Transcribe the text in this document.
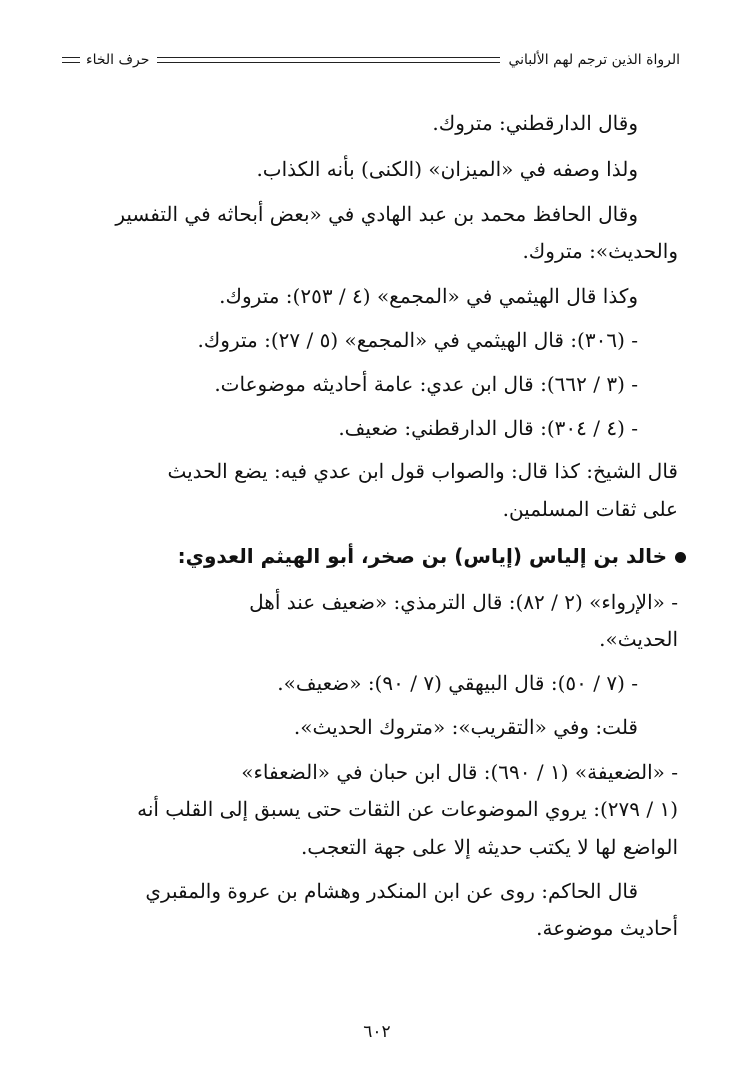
الرواة الذين ترجم لهم الألباني
حرف الخاء
وقال الدارقطني: متروك.
ولذا وصفه في «الميزان» (الكنى) بأنه الكذاب.
وقال الحافظ محمد بن عبد الهادي في «بعض أبحاثه في التفسير
والحديث»: متروك.
وكذا قال الهيثمي في «المجمع» (٤ / ٢٥٣): متروك.
- (٣٠٦): قال الهيثمي في «المجمع» (٥ / ٢٧): متروك.
- (٣ / ٦٦٢): قال ابن عدي: عامة أحاديثه موضوعات.
- (٤ / ٣٠٤): قال الدارقطني: ضعيف.
قال الشيخ: كذا قال: والصواب قول ابن عدي فيه: يضع الحديث
على ثقات المسلمين.
خالد بن إلياس (إياس) بن صخر، أبو الهيثم العدوي:
- «الإرواء» (٢ / ٨٢): قال الترمذي: «ضعيف عند أهل
الحديث».
- (٧ / ٥٠): قال البيهقي (٧ / ٩٠): «ضعيف».
قلت: وفي «التقريب»: «متروك الحديث».
- «الضعيفة» (١ / ٦٩٠): قال ابن حبان في «الضعفاء»
(١ / ٢٧٩): يروي الموضوعات عن الثقات حتى يسبق إلى القلب أنه
الواضع لها لا يكتب حديثه إلا على جهة التعجب.
قال الحاكم: روى عن ابن المنكدر وهشام بن عروة والمقبري
أحاديث موضوعة.
٦٠٢
